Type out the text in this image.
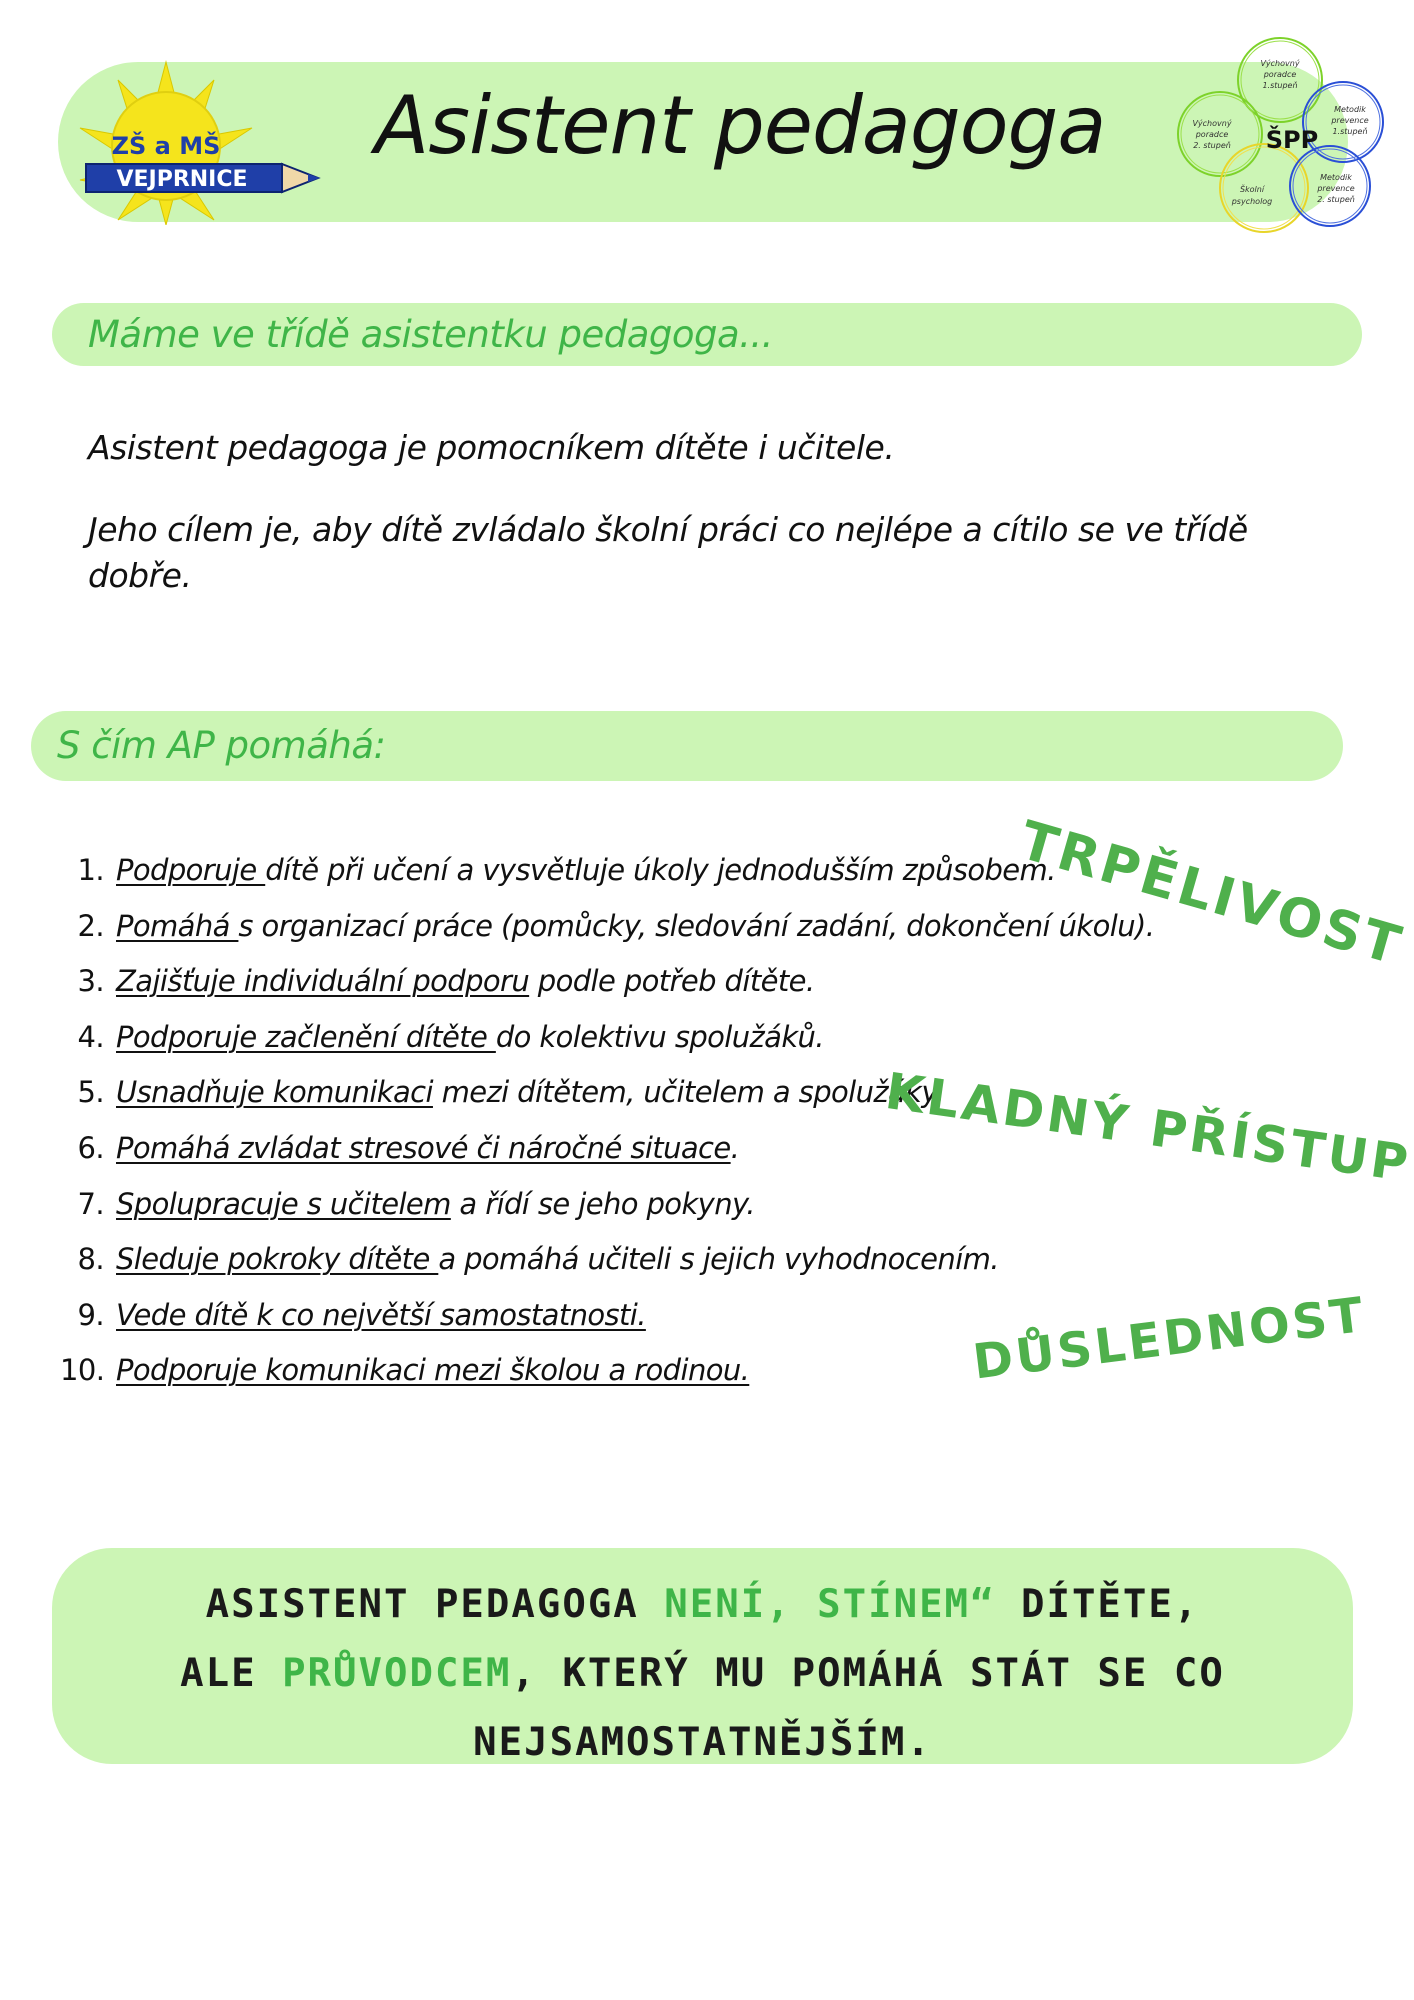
ZŠ a MŠ
VEJPRNICE
Asistent pedagoga
Výchovný
poradce
1.stupeň
Metodik
prevence
1.stupeň
Výchovný
poradce
2. stupeň
Školní
psycholog
Metodik
prevence
2. stupeň
ŠPP
Máme ve třídě asistentku pedagoga...

Asistent pedagoga je pomocníkem dítěte i učitele.

Jeho cílem je, aby dítě zvládalo školní práci co nejlépe a cítilo se ve třídě dobře.

S čím AP pomáhá:
1. Podporuje dítě při učení a vysvětluje úkoly jednodušším způsobem.
2. Pomáhá s organizací práce (pomůcky, sledování zadání, dokončení úkolu).
3. Zajišťuje individuální podporu podle potřeb dítěte.
4. Podporuje začlenění dítěte do kolektivu spolužáků.
5. Usnadňuje komunikaci mezi dítětem, učitelem a spolužáky.
6. Pomáhá zvládat stresové či náročné situace.
7. Spolupracuje s učitelem a řídí se jeho pokyny.
8. Sleduje pokroky dítěte a pomáhá učiteli s jejich vyhodnocením.
9. Vede dítě k co největší samostatnosti.
10. Podporuje komunikaci mezi školou a rodinou.
TRPĚLIVOST
KLADNÝ PŘÍSTUP
DŮSLEDNOST
ASISTENT PEDAGOGA NENÍ, STÍNEM“ DÍTĚTE,
ALE PRŮVODCEM, KTERÝ MU POMÁHÁ STÁT SE CO
NEJSAMOSTATNĚJŠÍM.
